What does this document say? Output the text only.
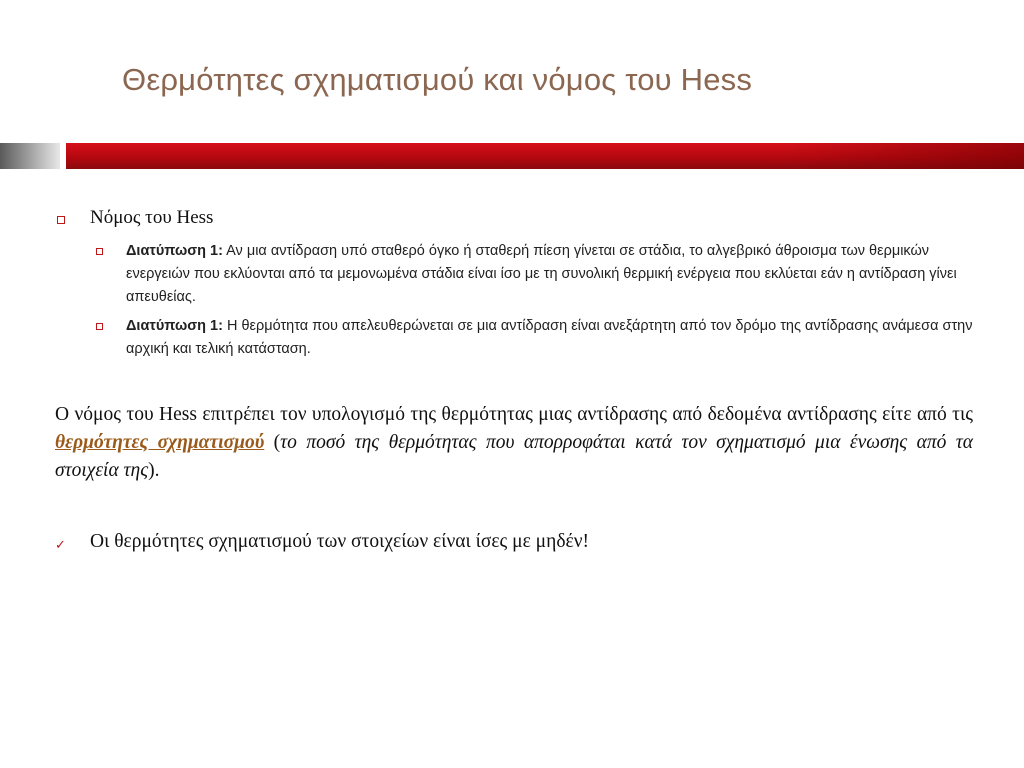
Θερμότητες σχηματισμού και νόμος του Hess
Νόμος του Hess
Διατύπωση 1: Αν μια αντίδραση υπό σταθερό όγκο ή σταθερή πίεση γίνεται σε στάδια, το αλγεβρικό άθροισμα των θερμικών ενεργειών που εκλύονται από τα μεμονωμένα στάδια είναι ίσο με τη συνολική θερμική ενέργεια που εκλύεται εάν η αντίδραση γίνει απευθείας.
Διατύπωση 1: Η θερμότητα που απελευθερώνεται σε μια αντίδραση είναι ανεξάρτητη από τον δρόμο της αντίδρασης ανάμεσα στην αρχική και τελική κατάσταση.
Ο νόμος του Hess επιτρέπει τον υπολογισμό της θερμότητας μιας αντίδρασης από δεδομένα αντίδρασης είτε από τις θερμότητες σχηματισμού (το ποσό της θερμότητας που απορροφάται κατά τον σχηματισμό μια ένωσης από τα στοιχεία της).
✓ Οι θερμότητες σχηματισμού των στοιχείων είναι ίσες με μηδέν!
